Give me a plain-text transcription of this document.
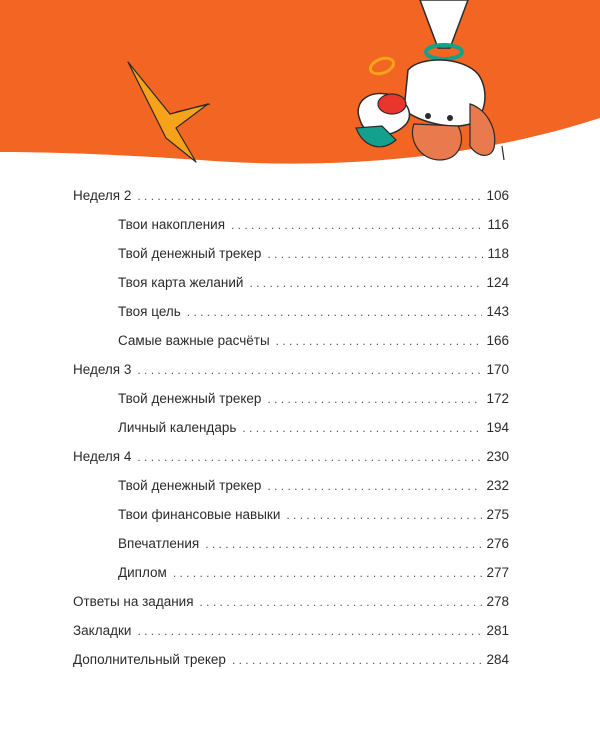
Неделя 2 . . .	106
Твои накопления . . .	116
Твой денежный трекер . . .	118
Твоя карта желаний . . .	124
Твоя цель . . .	143
Самые важные расчёты . . .	166
Неделя 3 . . .	170
Твой денежный трекер . . .	172
Личный календарь . . .	194
Неделя 4 . . .	230
Твой денежный трекер . . .	232
Твои финансовые навыки . . .	275
Впечатления . . .	276
Диплом . . .	277
Ответы на задания . . .	278
Закладки . . .	281
Дополнительный трекер . . .	284
